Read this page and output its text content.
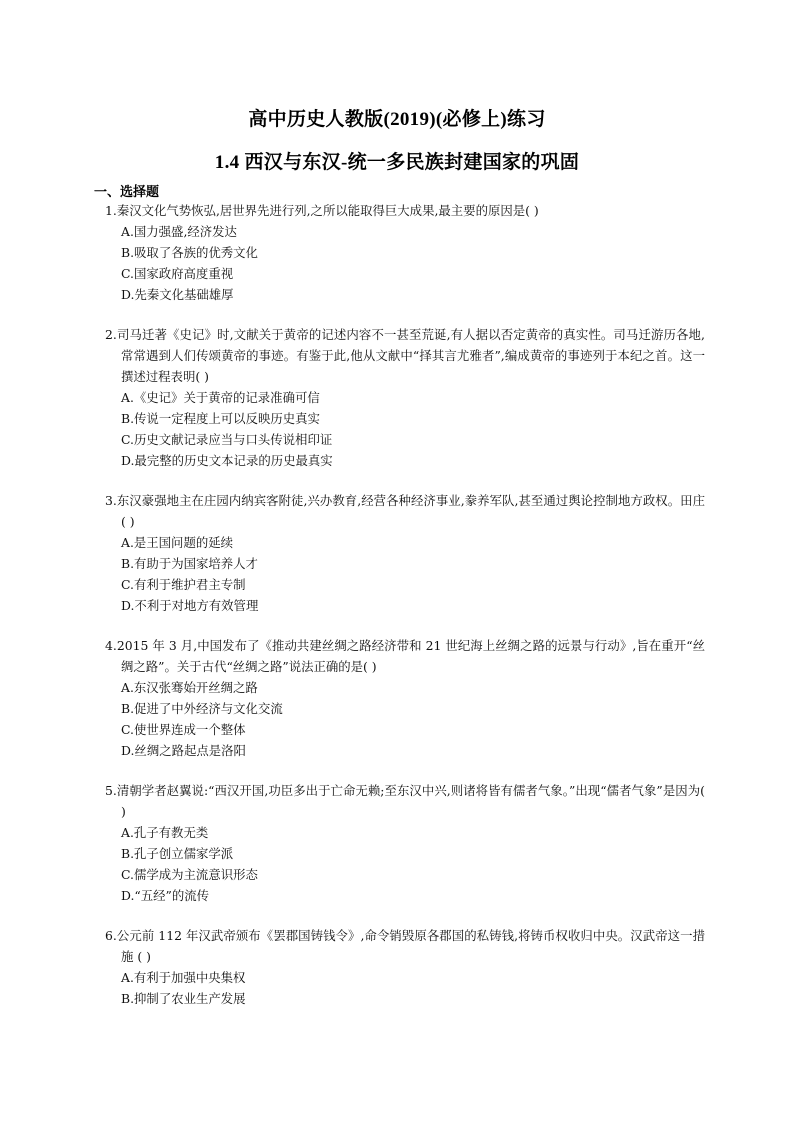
高中历史人教版(2019)(必修上)练习
1.4 西汉与东汉-统一多民族封建国家的巩固
一、选择题
1.秦汉文化气势恢弘,居世界先进行列,之所以能取得巨大成果,最主要的原因是( )
A.国力强盛,经济发达
B.吸取了各族的优秀文化
C.国家政府高度重视
D.先秦文化基础雄厚
2.司马迁著《史记》时,文献关于黄帝的记述内容不一甚至荒诞,有人据以否定黄帝的真实性。司马迁游历各地,常常遇到人们传颂黄帝的事迹。有鉴于此,他从文献中“择其言尤雅者”,编成黄帝的事迹列于本纪之首。这一撰述过程表明( )
A.《史记》关于黄帝的记录准确可信
B.传说一定程度上可以反映历史真实
C.历史文献记录应当与口头传说相印证
D.最完整的历史文本记录的历史最真实
3.东汉豪强地主在庄园内纳宾客附徒,兴办教育,经营各种经济事业,豢养军队,甚至通过舆论控制地方政权。田庄( )
A.是王国问题的延续
B.有助于为国家培养人才
C.有利于维护君主专制
D.不利于对地方有效管理
4.2015 年 3 月,中国发布了《推动共建丝绸之路经济带和 21 世纪海上丝绸之路的远景与行动》,旨在重开“丝绸之路”。关于古代“丝绸之路”说法正确的是( )
A.东汉张骞始开丝绸之路
B.促进了中外经济与文化交流
C.使世界连成一个整体
D.丝绸之路起点是洛阳
5.清朝学者赵翼说:“西汉开国,功臣多出于亡命无赖;至东汉中兴,则诸将皆有儒者气象。”出现“儒者气象”是因为( )
A.孔子有教无类
B.孔子创立儒家学派
C.儒学成为主流意识形态
D.“五经”的流传
6.公元前 112 年汉武帝颁布《罢郡国铸钱令》,命令销毁原各郡国的私铸钱,将铸币权收归中央。汉武帝这一措施 ( )
A.有利于加强中央集权
B.抑制了农业生产发展
